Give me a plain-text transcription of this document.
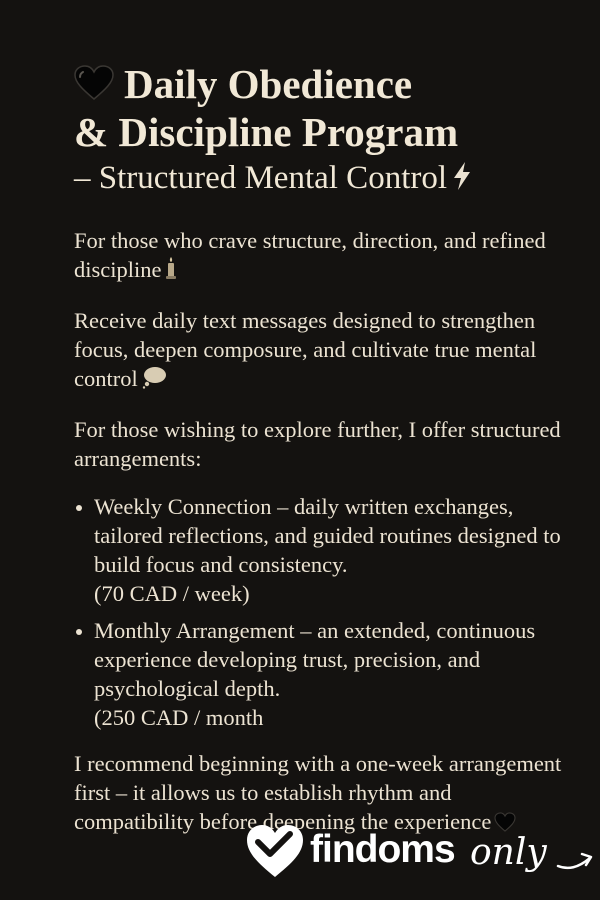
Daily Obedience
& Discipline Program
– Structured Mental Control

For those who crave structure, direction, and refined discipline

Receive daily text messages designed to strengthen focus, deepen composure, and cultivate true mental control

For those wishing to explore further, I offer structured arrangements:

Weekly Connection – daily written exchanges, tailored reflections, and guided routines designed to build focus and consistency.
(70 CAD / week)
Monthly Arrangement – an extended, continuous experience developing trust, precision, and psychological depth.
(250 CAD / month

I recommend beginning with a one-week arrangement first – it allows us to establish rhythm and compatibility before deepening the experience

findoms only
